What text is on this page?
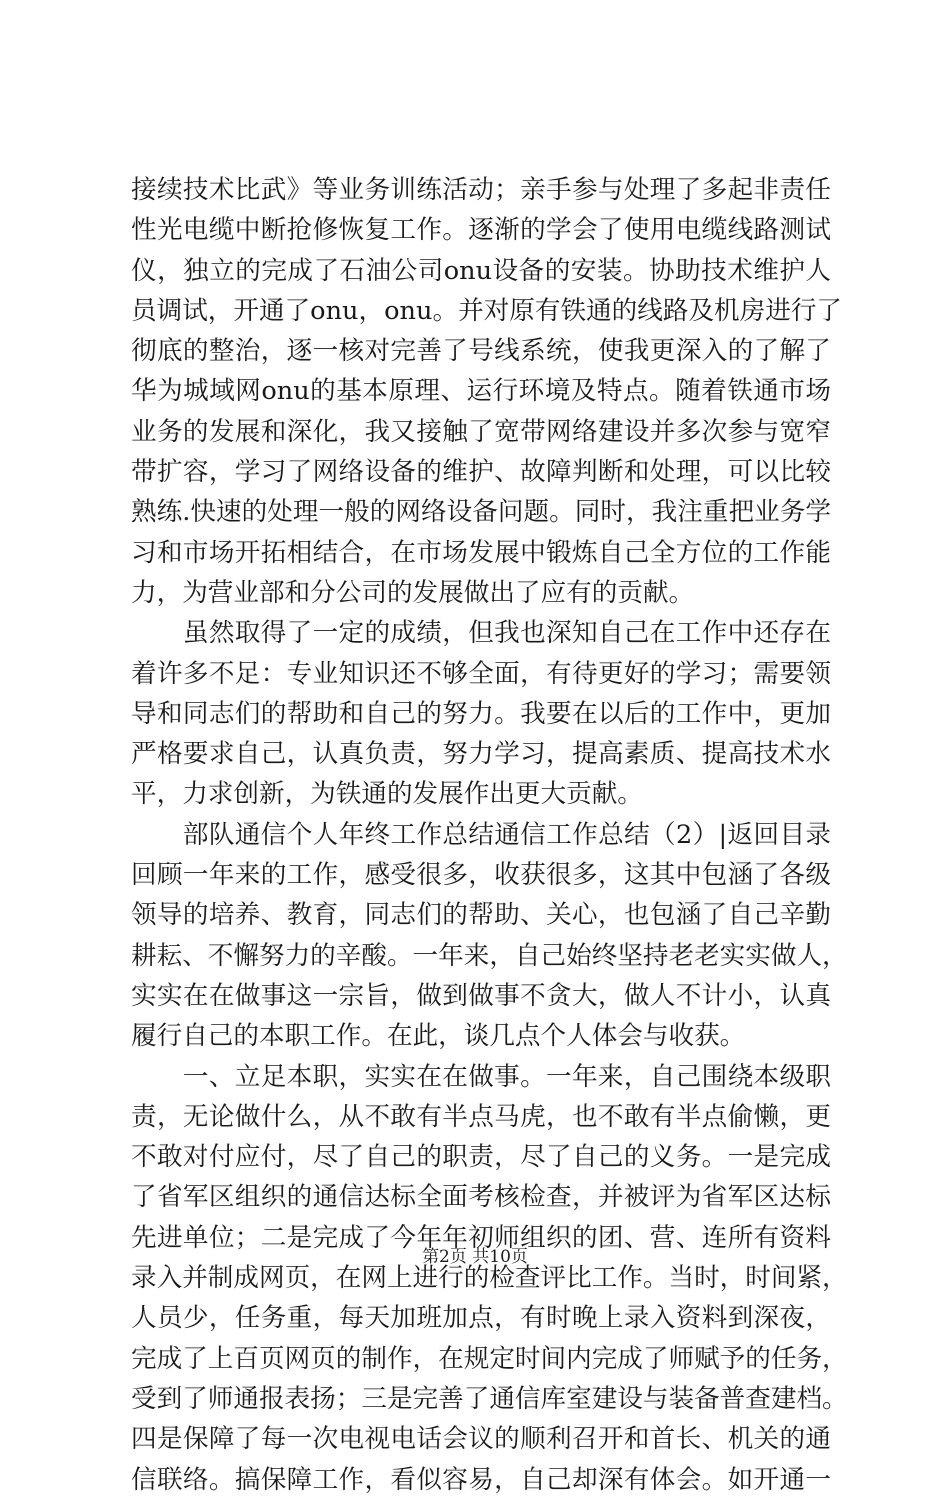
接续技术比武》等业务训练活动；亲手参与处理了多起非责任
性光电缆中断抢修恢复工作。逐渐的学会了使用电缆线路测试
仪，独立的完成了石油公司onu设备的安装。协助技术维护人
员调试，开通了onu，onu。并对原有铁通的线路及机房进行了
彻底的整治，逐一核对完善了号线系统，使我更深入的了解了
华为城域网onu的基本原理、运行环境及特点。随着铁通市场
业务的发展和深化，我又接触了宽带网络建设并多次参与宽窄
带扩容，学习了网络设备的维护、故障判断和处理，可以比较
熟练.快速的处理一般的网络设备问题。同时，我注重把业务学
习和市场开拓相结合，在市场发展中锻炼自己全方位的工作能
力，为营业部和分公司的发展做出了应有的贡献。
　　虽然取得了一定的成绩，但我也深知自己在工作中还存在
着许多不足：专业知识还不够全面，有待更好的学习；需要领
导和同志们的帮助和自己的努力。我要在以后的工作中，更加
严格要求自己，认真负责，努力学习，提高素质、提高技术水
平，力求创新，为铁通的发展作出更大贡献。
　　部队通信个人年终工作总结通信工作总结（2）|返回目录
回顾一年来的工作，感受很多，收获很多，这其中包涵了各级
领导的培养、教育，同志们的帮助、关心，也包涵了自己辛勤
耕耘、不懈努力的辛酸。一年来，自己始终坚持老老实实做人，
实实在在做事这一宗旨，做到做事不贪大，做人不计小，认真
履行自己的本职工作。在此，谈几点个人体会与收获。
　　一、立足本职，实实在在做事。一年来，自己围绕本级职
责，无论做什么，从不敢有半点马虎，也不敢有半点偷懒，更
不敢对付应付，尽了自己的职责，尽了自己的义务。一是完成
了省军区组织的通信达标全面考核检查，并被评为省军区达标
先进单位；二是完成了今年年初师组织的团、营、连所有资料
录入并制成网页，在网上进行的检查评比工作。当时，时间紧，
人员少，任务重，每天加班加点，有时晚上录入资料到深夜，
完成了上百页网页的制作，在规定时间内完成了师赋予的任务，
受到了师通报表扬；三是完善了通信库室建设与装备普查建档。
四是保障了每一次电视电话会议的顺利召开和首长、机关的通
信联络。搞保障工作，看似容易，自己却深有体会。如开通一
第2页 共10页
